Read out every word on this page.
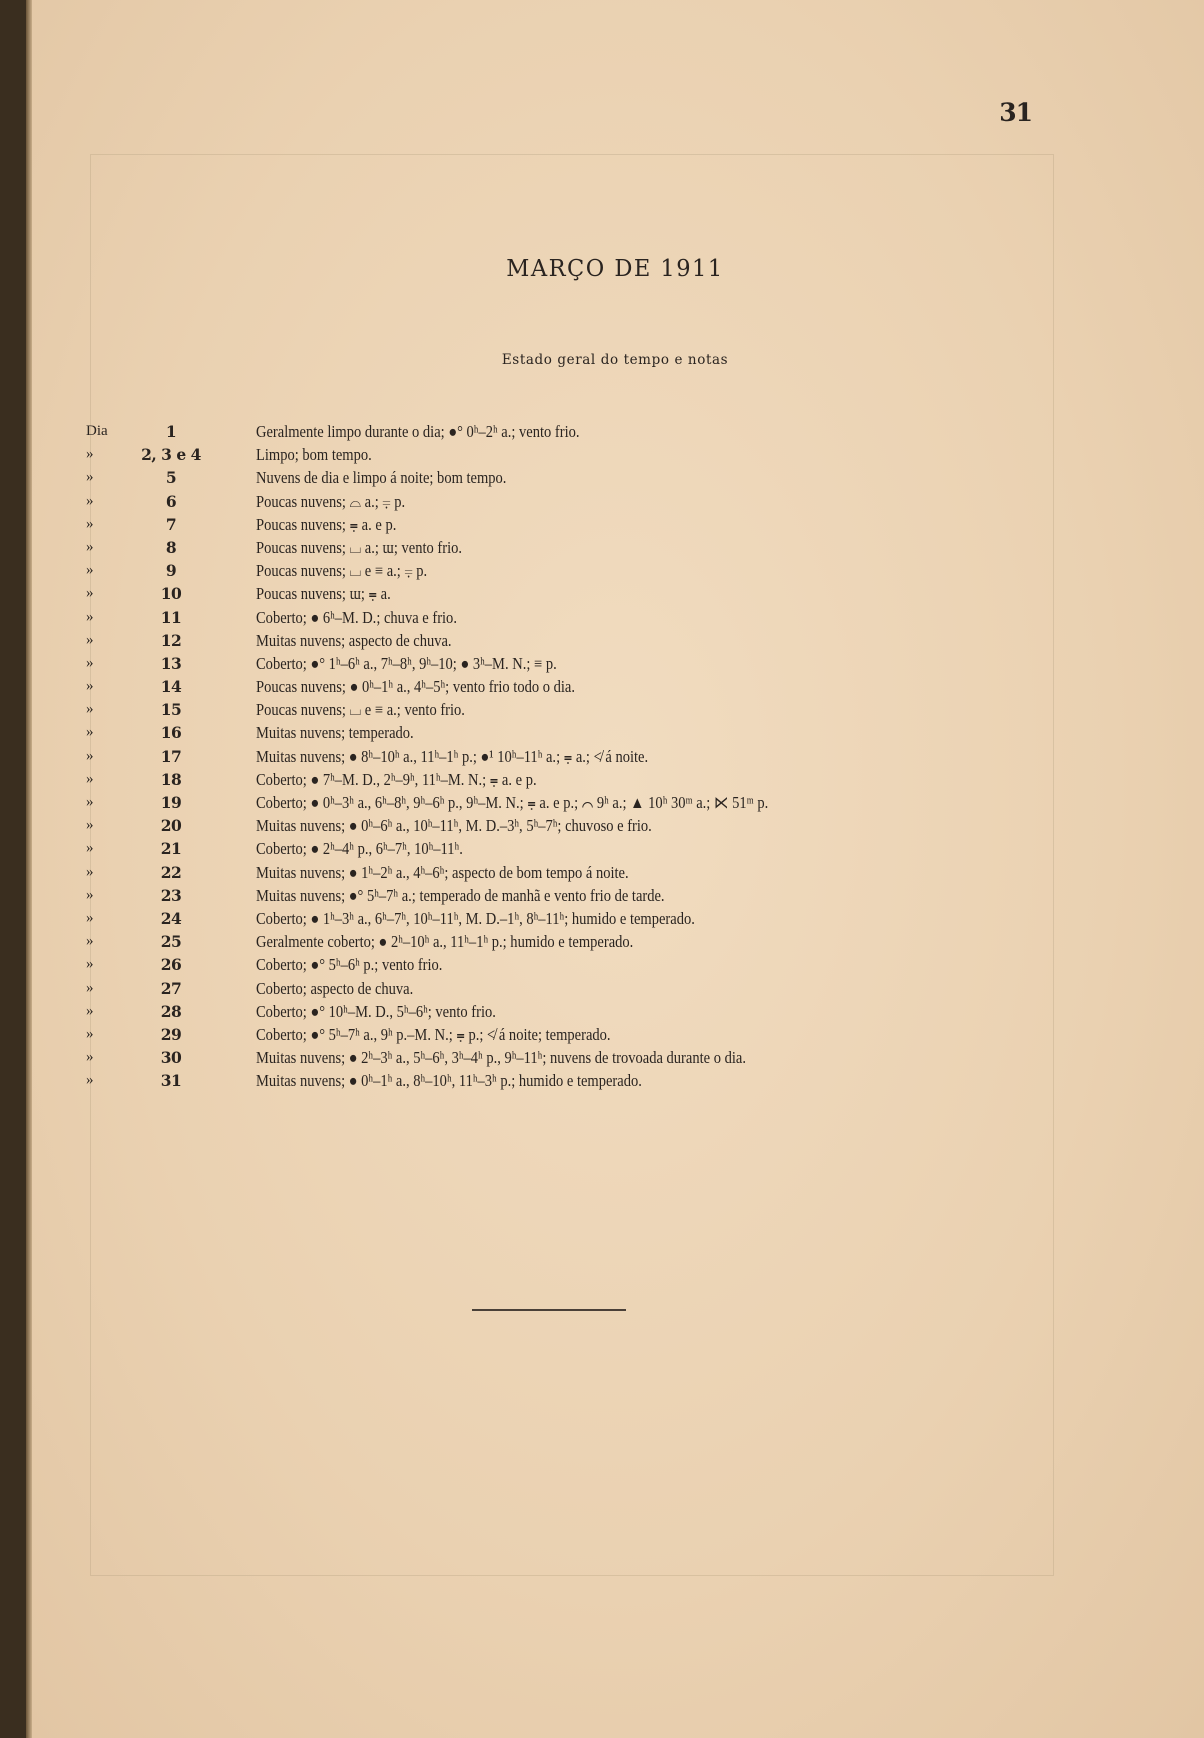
31
MARÇO DE 1911
Estado geral do tempo e notas
Dia	1	Geralmente limpo durante o dia; ●° 0ʰ–2ʰ a.; vento frio.
»	2, 3 e 4	Limpo; bom tempo.
»	5	Nuvens de dia e limpo á noite; bom tempo.
»	6	Poucas nuvens; ⌓ a.; ⩦ p.
»	7	Poucas nuvens; ⩦ a. e p.
»	8	Poucas nuvens; ⌴ a.; ɯ; vento frio.
»	9	Poucas nuvens; ⌴ e ≡ a.; ⩦ p.
»	10	Poucas nuvens; ɯ; ⩦ a.
»	11	Coberto; ● 6ʰ–M. D.; chuva e frio.
»	12	Muitas nuvens; aspecto de chuva.
»	13	Coberto; ●° 1ʰ–6ʰ a., 7ʰ–8ʰ, 9ʰ–10; ● 3ʰ–M. N.; ≡ p.
»	14	Poucas nuvens; ● 0ʰ–1ʰ a., 4ʰ–5ʰ; vento frio todo o dia.
»	15	Poucas nuvens; ⌴ e ≡ a.; vento frio.
»	16	Muitas nuvens; temperado.
»	17	Muitas nuvens; ● 8ʰ–10ʰ a., 11ʰ–1ʰ p.; ●¹ 10ʰ–11ʰ a.; ⩦ a.; ≮ á noite.
»	18	Coberto; ● 7ʰ–M. D., 2ʰ–9ʰ, 11ʰ–M. N.; ⩦ a. e p.
»	19	Coberto; ● 0ʰ–3ʰ a., 6ʰ–8ʰ, 9ʰ–6ʰ p., 9ʰ–M. N.; ⩦ a. e p.; ⌒ 9ʰ a.; ▲ 10ʰ 30ᵐ a.; ⋉ 51ᵐ p.
»	20	Muitas nuvens; ● 0ʰ–6ʰ a., 10ʰ–11ʰ, M. D.–3ʰ, 5ʰ–7ʰ; chuvoso e frio.
»	21	Coberto; ● 2ʰ–4ʰ p., 6ʰ–7ʰ, 10ʰ–11ʰ.
»	22	Muitas nuvens; ● 1ʰ–2ʰ a., 4ʰ–6ʰ; aspecto de bom tempo á noite.
»	23	Muitas nuvens; ●° 5ʰ–7ʰ a.; temperado de manhã e vento frio de tarde.
»	24	Coberto; ● 1ʰ–3ʰ a., 6ʰ–7ʰ, 10ʰ–11ʰ, M. D.–1ʰ, 8ʰ–11ʰ; humido e temperado.
»	25	Geralmente coberto; ● 2ʰ–10ʰ a., 11ʰ–1ʰ p.; humido e temperado.
»	26	Coberto; ●° 5ʰ–6ʰ p.; vento frio.
»	27	Coberto; aspecto de chuva.
»	28	Coberto; ●° 10ʰ–M. D., 5ʰ–6ʰ; vento frio.
»	29	Coberto; ●° 5ʰ–7ʰ a., 9ʰ p.–M. N.; ⩦ p.; ≮ á noite; temperado.
»	30	Muitas nuvens; ● 2ʰ–3ʰ a., 5ʰ–6ʰ, 3ʰ–4ʰ p., 9ʰ–11ʰ; nuvens de trovoada durante o dia.
»	31	Muitas nuvens; ● 0ʰ–1ʰ a., 8ʰ–10ʰ, 11ʰ–3ʰ p.; humido e temperado.
